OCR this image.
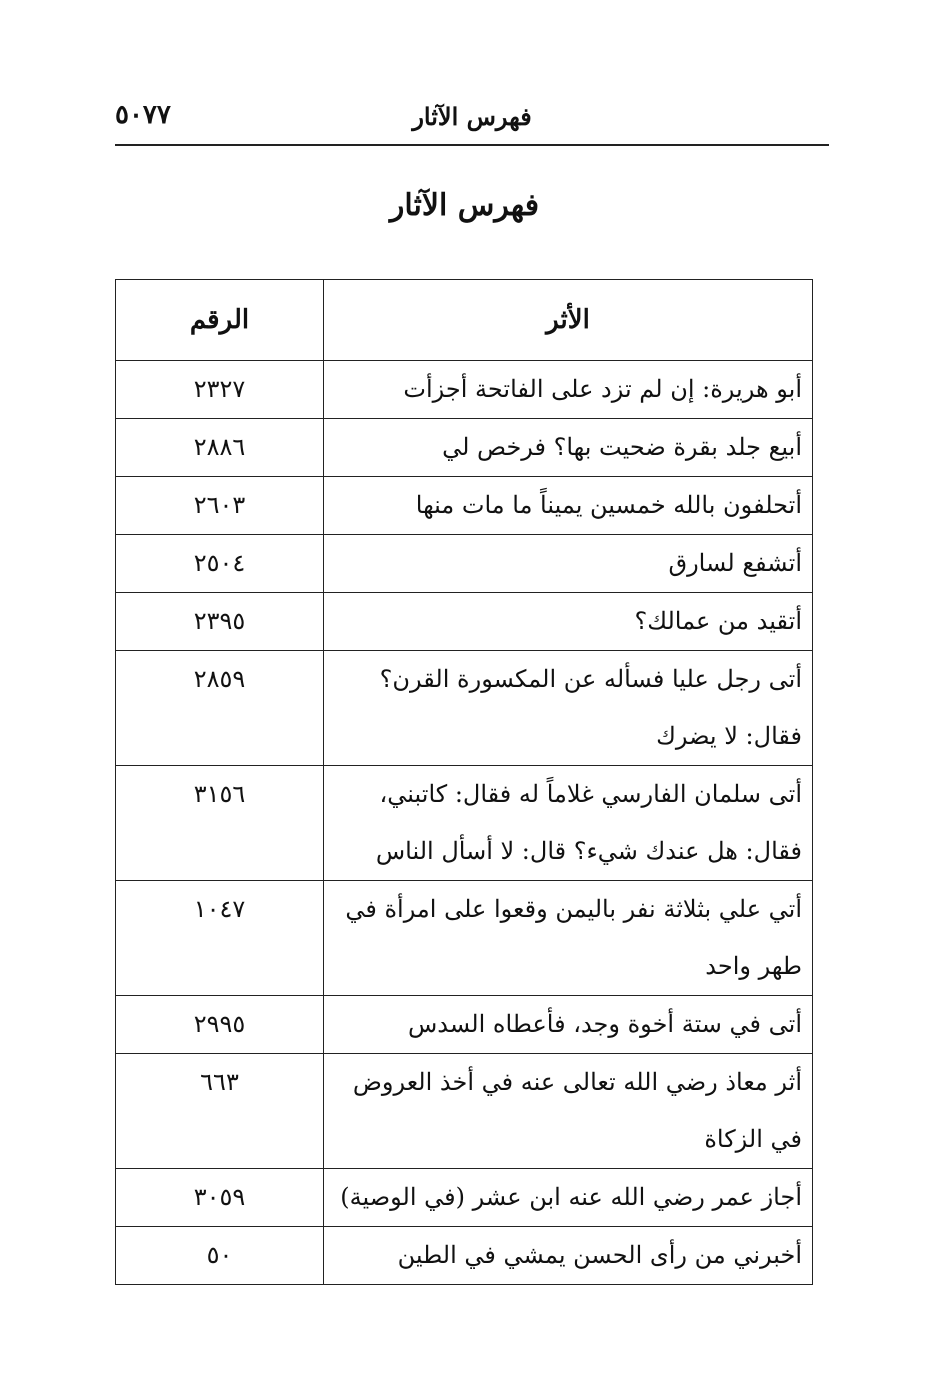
فهرس الآثار
٥٠٧٧
فهرس الآثار
الأثر	الرقم
أبو هريرة: إن لم تزد على الفاتحة أجزأت	٢٣٢٧
أبيع جلد بقرة ضحيت بها؟ فرخص لي	٢٨٨٦
أتحلفون بالله خمسين يميناً ما مات منها	٢٦٠٣
أتشفع لسارق	٢٥٠٤
أتقيد من عمالك؟	٢٣٩٥
أتى رجل عليا فسأله عن المكسورة القرن؟ فقال: لا يضرك	٢٨٥٩
أتى سلمان الفارسي غلاماً له فقال: كاتبني، فقال: هل عندك شيء؟ قال: لا أسأل الناس	٣١٥٦
أتي علي بثلاثة نفر باليمن وقعوا على امرأة في طهر واحد	١٠٤٧
أتى في ستة أخوة وجد، فأعطاه السدس	٢٩٩٥
أثر معاذ رضي الله تعالى عنه في أخذ العروض في الزكاة	٦٦٣
أجاز عمر رضي الله عنه ابن عشر (في الوصية)	٣٠٥٩
أخبرني من رأى الحسن يمشي في الطين	٥٠
